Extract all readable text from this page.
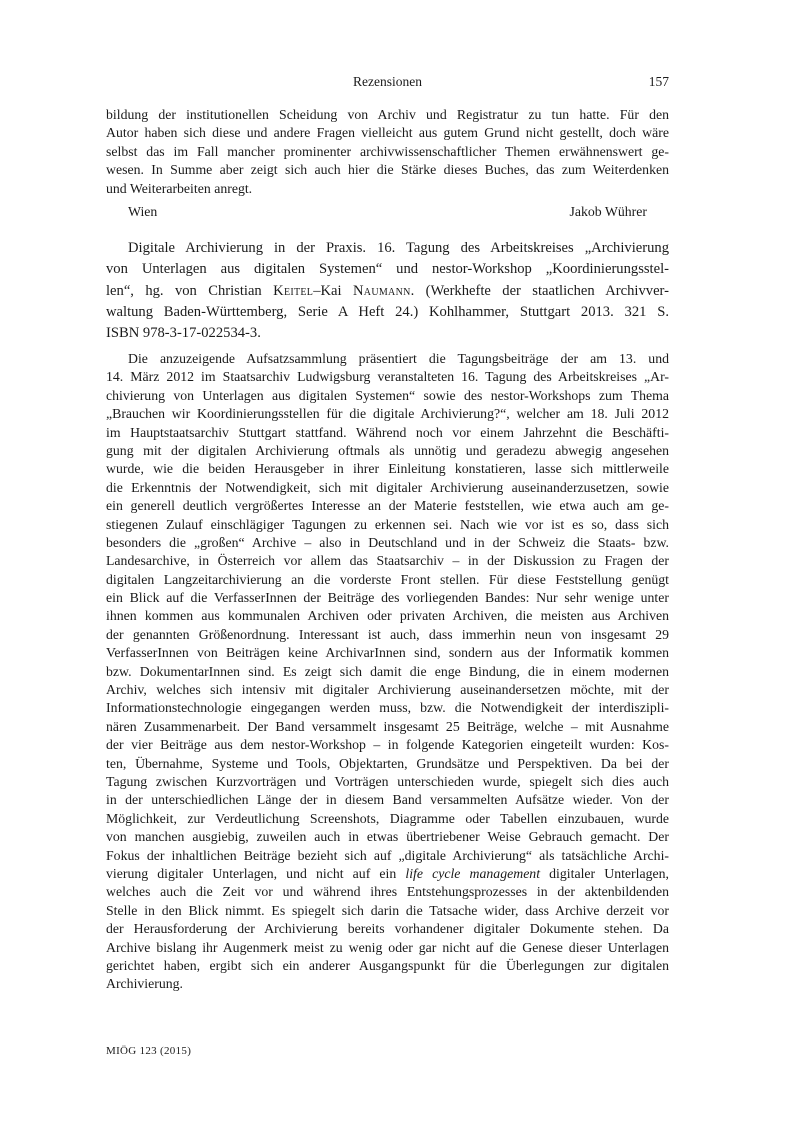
Rezensionen	157
bildung der institutionellen Scheidung von Archiv und Registratur zu tun hatte. Für den
Autor haben sich diese und andere Fragen vielleicht aus gutem Grund nicht gestellt, doch wäre
selbst das im Fall mancher prominenter archivwissenschaftlicher Themen erwähnenswert ge-
wesen. In Summe aber zeigt sich auch hier die Stärke dieses Buches, das zum Weiterdenken
und Weiterarbeiten anregt.
Wien	Jakob Wührer
Digitale Archivierung in der Praxis. 16. Tagung des Arbeitskreises „Archivierung
von Unterlagen aus digitalen Systemen“ und nestor-Workshop „Koordinierungsstel-
len“, hg. von Christian Keitel–Kai Naumann. (Werkhefte der staatlichen Archivver-
waltung Baden-Württemberg, Serie A Heft 24.) Kohlhammer, Stuttgart 2013. 321 S.
ISBN 978-3-17-022534-3.
Die anzuzeigende Aufsatzsammlung präsentiert die Tagungsbeiträge der am 13. und
14. März 2012 im Staatsarchiv Ludwigsburg veranstalteten 16. Tagung des Arbeitskreises „Ar-
chivierung von Unterlagen aus digitalen Systemen“ sowie des nestor-Workshops zum Thema
„Brauchen wir Koordinierungsstellen für die digitale Archivierung?“, welcher am 18. Juli 2012
im Hauptstaatsarchiv Stuttgart stattfand. Während noch vor einem Jahrzehnt die Beschäfti-
gung mit der digitalen Archivierung oftmals als unnötig und geradezu abwegig angesehen
wurde, wie die beiden Herausgeber in ihrer Einleitung konstatieren, lasse sich mittlerweile
die Erkenntnis der Notwendigkeit, sich mit digitaler Archivierung auseinanderzusetzen, sowie
ein generell deutlich vergrößertes Interesse an der Materie feststellen, wie etwa auch am ge-
stiegenen Zulauf einschlägiger Tagungen zu erkennen sei. Nach wie vor ist es so, dass sich
besonders die „großen“ Archive – also in Deutschland und in der Schweiz die Staats- bzw.
Landesarchive, in Österreich vor allem das Staatsarchiv – in der Diskussion zu Fragen der
digitalen Langzeitarchivierung an die vorderste Front stellen. Für diese Feststellung genügt
ein Blick auf die VerfasserInnen der Beiträge des vorliegenden Bandes: Nur sehr wenige unter
ihnen kommen aus kommunalen Archiven oder privaten Archiven, die meisten aus Archiven
der genannten Größenordnung. Interessant ist auch, dass immerhin neun von insgesamt 29
VerfasserInnen von Beiträgen keine ArchivarInnen sind, sondern aus der Informatik kommen
bzw. DokumentarInnen sind. Es zeigt sich damit die enge Bindung, die in einem modernen
Archiv, welches sich intensiv mit digitaler Archivierung auseinandersetzen möchte, mit der
Informationstechnologie eingegangen werden muss, bzw. die Notwendigkeit der interdiszipli-
nären Zusammenarbeit. Der Band versammelt insgesamt 25 Beiträge, welche – mit Ausnahme
der vier Beiträge aus dem nestor-Workshop – in folgende Kategorien eingeteilt wurden: Kos-
ten, Übernahme, Systeme und Tools, Objektarten, Grundsätze und Perspektiven. Da bei der
Tagung zwischen Kurzvorträgen und Vorträgen unterschieden wurde, spiegelt sich dies auch
in der unterschiedlichen Länge der in diesem Band versammelten Aufsätze wieder. Von der
Möglichkeit, zur Verdeutlichung Screenshots, Diagramme oder Tabellen einzubauen, wurde
von manchen ausgiebig, zuweilen auch in etwas übertriebener Weise Gebrauch gemacht. Der
Fokus der inhaltlichen Beiträge bezieht sich auf „digitale Archivierung“ als tatsächliche Archi-
vierung digitaler Unterlagen, und nicht auf ein life cycle management digitaler Unterlagen,
welches auch die Zeit vor und während ihres Entstehungsprozesses in der aktenbildenden
Stelle in den Blick nimmt. Es spiegelt sich darin die Tatsache wider, dass Archive derzeit vor
der Herausforderung der Archivierung bereits vorhandener digitaler Dokumente stehen. Da
Archive bislang ihr Augenmerk meist zu wenig oder gar nicht auf die Genese dieser Unterlagen
gerichtet haben, ergibt sich ein anderer Ausgangspunkt für die Überlegungen zur digitalen
Archivierung.
MIÖG 123 (2015)
